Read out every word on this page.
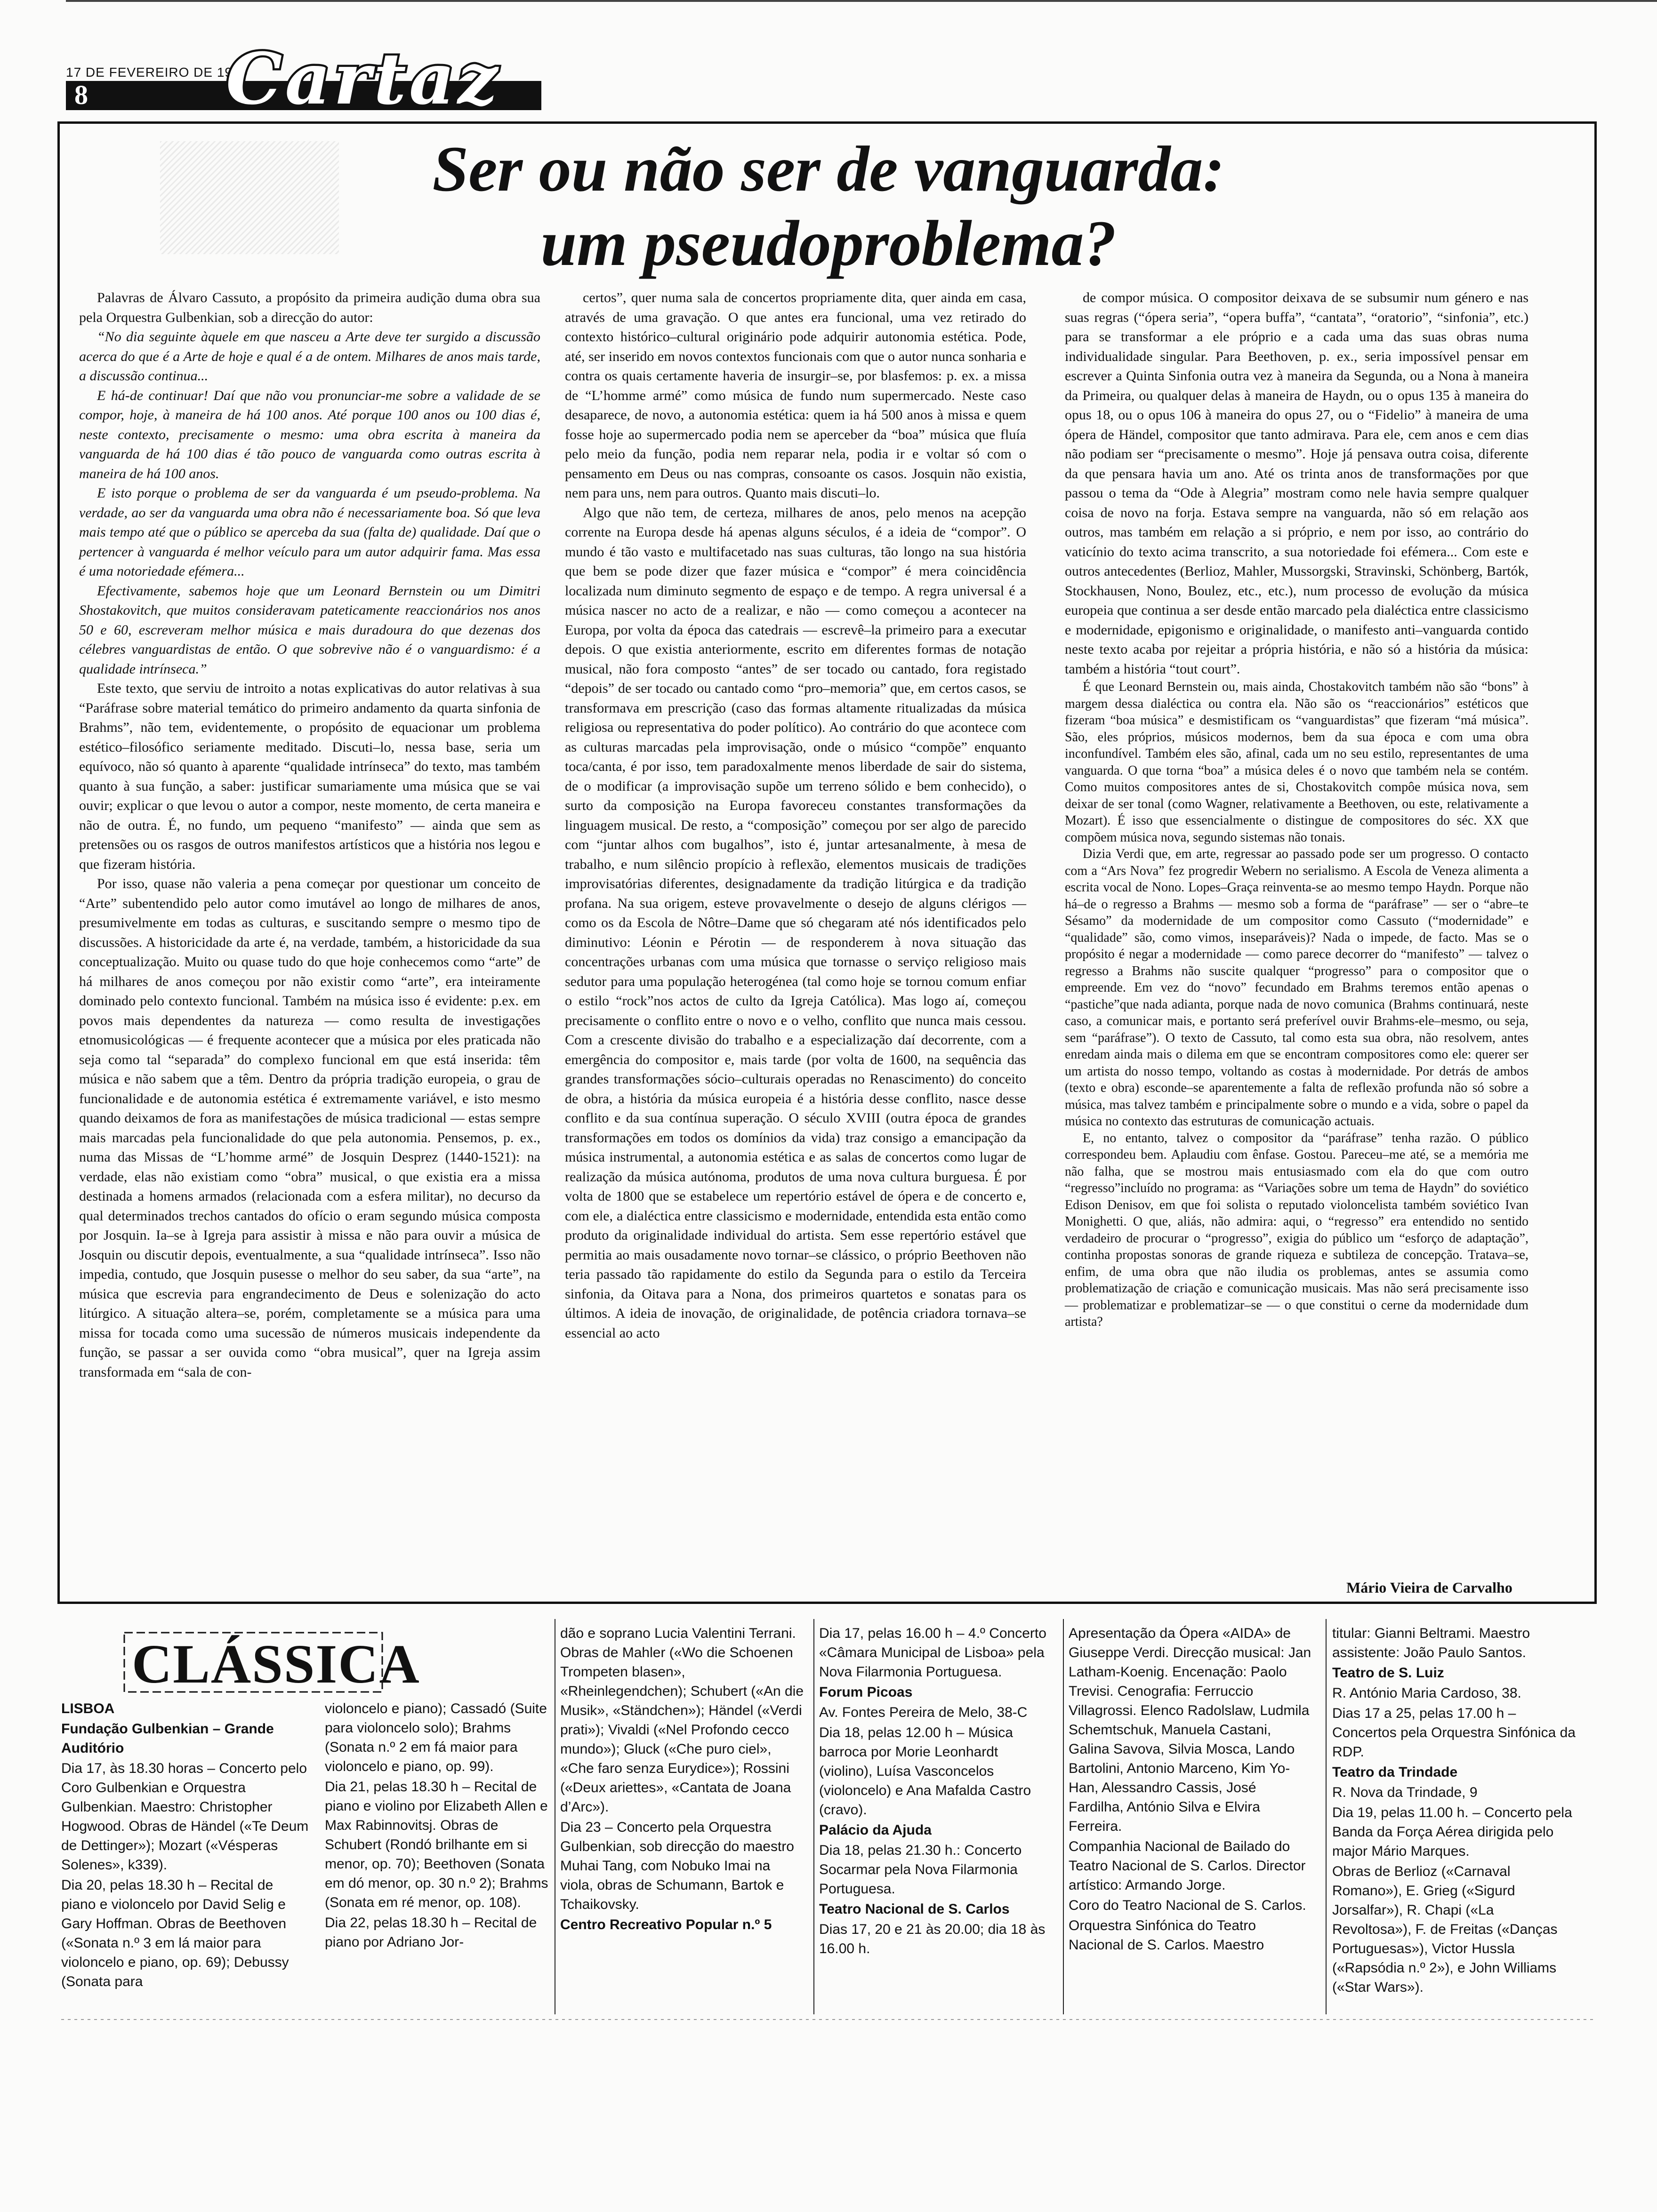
17 DE FEVEREIRO DE 1989
8 Cartaz
Ser ou não ser de vanguarda:
um pseudoproblema?

Palavras de Álvaro Cassuto, a propósito da primeira audição duma obra sua pela Orquestra Gulbenkian, sob a direcção do autor:

“No dia seguinte àquele em que nasceu a Arte deve ter surgido a discussão acerca do que é a Arte de hoje e qual é a de ontem. Milhares de anos mais tarde, a discussão continua...

E há-de continuar! Daí que não vou pronunciar-me sobre a validade de se compor, hoje, à maneira de há 100 anos. Até porque 100 anos ou 100 dias é, neste contexto, precisamente o mesmo: uma obra escrita à maneira da vanguarda de há 100 dias é tão pouco de vanguarda como outras escrita à maneira de há 100 anos.

E isto porque o problema de ser da vanguarda é um pseudo-problema. Na verdade, ao ser da vanguarda uma obra não é necessariamente boa. Só que leva mais tempo até que o público se aperceba da sua (falta de) qualidade. Daí que o pertencer à vanguarda é melhor veículo para um autor adquirir fama. Mas essa é uma notoriedade efémera...

Efectivamente, sabemos hoje que um Leonard Bernstein ou um Dimitri Shostakovitch, que muitos consideravam pateticamente reaccionários nos anos 50 e 60, escreveram melhor música e mais duradoura do que dezenas dos célebres vanguardistas de então. O que sobrevive não é o vanguardismo: é a qualidade intrínseca.”

Este texto, que serviu de introito a notas explicativas do autor relativas à sua “Paráfrase sobre material temático do primeiro andamento da quarta sinfonia de Brahms”, não tem, evidentemente, o propósito de equacionar um problema estético–filosófico seriamente meditado. Discuti–lo, nessa base, seria um equívoco, não só quanto à aparente “qualidade intrínseca” do texto, mas também quanto à sua função, a saber: justificar sumariamente uma música que se vai ouvir; explicar o que levou o autor a compor, neste momento, de certa maneira e não de outra. É, no fundo, um pequeno “manifesto” — ainda que sem as pretensões ou os rasgos de outros manifestos artísticos que a história nos legou e que fizeram história.

Por isso, quase não valeria a pena começar por questionar um conceito de “Arte” subentendido pelo autor como imutável ao longo de milhares de anos, presumivelmente em todas as culturas, e suscitando sempre o mesmo tipo de discussões. A historicidade da arte é, na verdade, também, a historicidade da sua conceptualização. Muito ou quase tudo do que hoje conhecemos como “arte” de há milhares de anos começou por não existir como “arte”, era inteiramente dominado pelo contexto funcional. Também na música isso é evidente: p.ex. em povos mais dependentes da natureza — como resulta de investigações etnomusicológicas — é frequente acontecer que a música por eles praticada não seja como tal “separada” do complexo funcional em que está inserida: têm música e não sabem que a têm. Dentro da própria tradição europeia, o grau de funcionalidade e de autonomia estética é extremamente variável, e isto mesmo quando deixamos de fora as manifestações de música tradicional — estas sempre mais marcadas pela funcionalidade do que pela autonomia. Pensemos, p. ex., numa das Missas de “L’homme armé” de Josquin Desprez (1440-1521): na verdade, elas não existiam como “obra” musical, o que existia era a missa destinada a homens armados (relacionada com a esfera militar), no decurso da qual determinados trechos cantados do ofício o eram segundo música composta por Josquin. Ia–se à Igreja para assistir à missa e não para ouvir a música de Josquin ou discutir depois, eventualmente, a sua “qualidade intrínseca”. Isso não impedia, contudo, que Josquin pusesse o melhor do seu saber, da sua “arte”, na música que escrevia para engrandecimento de Deus e solenização do acto litúrgico. A situação altera–se, porém, completamente se a música para uma missa for tocada como uma sucessão de números musicais independente da função, se passar a ser ouvida como “obra musical”, quer na Igreja assim transformada em “sala de con-

certos”, quer numa sala de concertos propriamente dita, quer ainda em casa, através de uma gravação. O que antes era funcional, uma vez retirado do contexto histórico–cultural originário pode adquirir autonomia estética. Pode, até, ser inserido em novos contextos funcionais com que o autor nunca sonharia e contra os quais certamente haveria de insurgir–se, por blasfemos: p. ex. a missa de “L’homme armé” como música de fundo num supermercado. Neste caso desaparece, de novo, a autonomia estética: quem ia há 500 anos à missa e quem fosse hoje ao supermercado podia nem se aperceber da “boa” música que fluía pelo meio da função, podia nem reparar nela, podia ir e voltar só com o pensamento em Deus ou nas compras, consoante os casos. Josquin não existia, nem para uns, nem para outros. Quanto mais discuti–lo.

Algo que não tem, de certeza, milhares de anos, pelo menos na acepção corrente na Europa desde há apenas alguns séculos, é a ideia de “compor”. O mundo é tão vasto e multifacetado nas suas culturas, tão longo na sua história que bem se pode dizer que fazer música e “compor” é mera coincidência localizada num diminuto segmento de espaço e de tempo. A regra universal é a música nascer no acto de a realizar, e não — como começou a acontecer na Europa, por volta da época das catedrais — escrevê–la primeiro para a executar depois. O que existia anteriormente, escrito em diferentes formas de notação musical, não fora composto “antes” de ser tocado ou cantado, fora registado “depois” de ser tocado ou cantado como “pro–memoria” que, em certos casos, se transformava em prescrição (caso das formas altamente ritualizadas da música religiosa ou representativa do poder político). Ao contrário do que acontece com as culturas marcadas pela improvisação, onde o músico “compõe” enquanto toca/canta, é por isso, tem paradoxalmente menos liberdade de sair do sistema, de o modificar (a improvisação supõe um terreno sólido e bem conhecido), o surto da composição na Europa favoreceu constantes transformações da linguagem musical. De resto, a “composição” começou por ser algo de parecido com “juntar alhos com bugalhos”, isto é, juntar artesanalmente, à mesa de trabalho, e num silêncio propício à reflexão, elementos musicais de tradições improvisatórias diferentes, designadamente da tradição litúrgica e da tradição profana. Na sua origem, esteve provavelmente o desejo de alguns clérigos — como os da Escola de Nôtre–Dame que só chegaram até nós identificados pelo diminutivo: Léonin e Pérotin — de responderem à nova situação das concentrações urbanas com uma música que tornasse o serviço religioso mais sedutor para uma população heterogénea (tal como hoje se tornou comum enfiar o estilo “rock”nos actos de culto da Igreja Católica). Mas logo aí, começou precisamente o conflito entre o novo e o velho, conflito que nunca mais cessou. Com a crescente divisão do trabalho e a especialização daí decorrente, com a emergência do compositor e, mais tarde (por volta de 1600, na sequência das grandes transformações sócio–culturais operadas no Renascimento) do conceito de obra, a história da música europeia é a história desse conflito, nasce desse conflito e da sua contínua superação. O século XVIII (outra época de grandes transformações em todos os domínios da vida) traz consigo a emancipação da música instrumental, a autonomia estética e as salas de concertos como lugar de realização da música autónoma, produtos de uma nova cultura burguesa. É por volta de 1800 que se estabelece um repertório estável de ópera e de concerto e, com ele, a dialéctica entre classicismo e modernidade, entendida esta então como produto da originalidade individual do artista. Sem esse repertório estável que permitia ao mais ousadamente novo tornar–se clássico, o próprio Beethoven não teria passado tão rapidamente do estilo da Segunda para o estilo da Terceira sinfonia, da Oitava para a Nona, dos primeiros quartetos e sonatas para os últimos. A ideia de inovação, de originalidade, de potência criadora tornava–se essencial ao acto

de compor música. O compositor deixava de se subsumir num género e nas suas regras (“ópera seria”, “opera buffa”, “cantata”, “oratorio”, “sinfonia”, etc.) para se transformar a ele próprio e a cada uma das suas obras numa individualidade singular. Para Beethoven, p. ex., seria impossível pensar em escrever a Quinta Sinfonia outra vez à maneira da Segunda, ou a Nona à maneira da Primeira, ou qualquer delas à maneira de Haydn, ou o opus 135 à maneira do opus 18, ou o opus 106 à maneira do opus 27, ou o “Fidelio” à maneira de uma ópera de Händel, compositor que tanto admirava. Para ele, cem anos e cem dias não podiam ser “precisamente o mesmo”. Hoje já pensava outra coisa, diferente da que pensara havia um ano. Até os trinta anos de transformações por que passou o tema da “Ode à Alegria” mostram como nele havia sempre qualquer coisa de novo na forja. Estava sempre na vanguarda, não só em relação aos outros, mas também em relação a si próprio, e nem por isso, ao contrário do vaticínio do texto acima transcrito, a sua notoriedade foi efémera... Com este e outros antecedentes (Berlioz, Mahler, Mussorgski, Stravinski, Schönberg, Bartók, Stockhausen, Nono, Boulez, etc., etc.), num processo de evolução da música europeia que continua a ser desde então marcado pela dialéctica entre classicismo e modernidade, epigonismo e originalidade, o manifesto anti–vanguarda contido neste texto acaba por rejeitar a própria história, e não só a história da música: também a história “tout court”.

É que Leonard Bernstein ou, mais ainda, Chostakovitch também não são “bons” à margem dessa dialéctica ou contra ela. Não são os “reaccionários” estéticos que fizeram “boa música” e desmistificam os “vanguardistas” que fizeram “má música”. São, eles próprios, músicos modernos, bem da sua época e com uma obra inconfundível. Também eles são, afinal, cada um no seu estilo, representantes de uma vanguarda. O que torna “boa” a música deles é o novo que também nela se contém. Como muitos compositores antes de si, Chostakovitch compôe música nova, sem deixar de ser tonal (como Wagner, relativamente a Beethoven, ou este, relativamente a Mozart). É isso que essencialmente o distingue de compositores do séc. XX que compõem música nova, segundo sistemas não tonais.

Dizia Verdi que, em arte, regressar ao passado pode ser um progresso. O contacto com a “Ars Nova” fez progredir Webern no serialismo. A Escola de Veneza alimenta a escrita vocal de Nono. Lopes–Graça reinventa-se ao mesmo tempo Haydn. Porque não há–de o regresso a Brahms — mesmo sob a forma de “paráfrase” — ser o “abre–te Sésamo” da modernidade de um compositor como Cassuto (“modernidade” e “qualidade” são, como vimos, inseparáveis)? Nada o impede, de facto. Mas se o propósito é negar a modernidade — como parece decorrer do “manifesto” — talvez o regresso a Brahms não suscite qualquer “progresso” para o compositor que o empreende. Em vez do “novo” fecundado em Brahms teremos então apenas o “pastiche”que nada adianta, porque nada de novo comunica (Brahms continuará, neste caso, a comunicar mais, e portanto será preferível ouvir Brahms-ele–mesmo, ou seja, sem “paráfrase”). O texto de Cassuto, tal como esta sua obra, não resolvem, antes enredam ainda mais o dilema em que se encontram compositores como ele: querer ser um artista do nosso tempo, voltando as costas à modernidade. Por detrás de ambos (texto e obra) esconde–se aparentemente a falta de reflexão profunda não só sobre a música, mas talvez também e principalmente sobre o mundo e a vida, sobre o papel da música no contexto das estruturas de comunicação actuais.

E, no entanto, talvez o compositor da “paráfrase” tenha razão. O público correspondeu bem. Aplaudiu com ênfase. Gostou. Pareceu–me até, se a memória me não falha, que se mostrou mais entusiasmado com ela do que com outro “regresso”incluído no programa: as “Variações sobre um tema de Haydn” do soviético Edison Denisov, em que foi solista o reputado violoncelista também soviético Ivan Monighetti. O que, aliás, não admira: aqui, o “regresso” era entendido no sentido verdadeiro de procurar o “progresso”, exigia do público um “esforço de adaptação”, continha propostas sonoras de grande riqueza e subtileza de concepção. Tratava–se, enfim, de uma obra que não iludia os problemas, antes se assumia como problematização de criação e comunicação musicais. Mas não será precisamente isso — problematizar e problematizar–se — o que constitui o cerne da modernidade dum artista?

Mário Vieira de Carvalho
CLÁSSICA

LISBOA

Fundação Gulbenkian – Grande Auditório

Dia 17, às 18.30 horas – Concerto pelo Coro Gulbenkian e Orquestra Gulbenkian. Maestro: Christopher Hogwood. Obras de Händel («Te Deum de Dettinger»); Mozart («Vésperas Solenes», k339).

Dia 20, pelas 18.30 h – Recital de piano e violoncelo por David Selig e Gary Hoffman. Obras de Beethoven («Sonata n.º 3 em lá maior para violoncelo e piano, op. 69); Debussy (Sonata para

violoncelo e piano); Cassadó (Suite para violoncelo solo); Brahms (Sonata n.º 2 em fá maior para violoncelo e piano, op. 99).

Dia 21, pelas 18.30 h – Recital de piano e violino por Elizabeth Allen e Max Rabinnovitsj. Obras de Schubert (Rondó brilhante em si menor, op. 70); Beethoven (Sonata em dó menor, op. 30 n.º 2); Brahms (Sonata em ré menor, op. 108).

Dia 22, pelas 18.30 h – Recital de piano por Adriano Jor-

dão e soprano Lucia Valentini Terrani. Obras de Mahler («Wo die Schoenen Trompeten blasen», «Rheinlegendchen); Schubert («An die Musik», «Ständchen»); Händel («Verdi prati»); Vivaldi («Nel Profondo cecco mundo»); Gluck («Che puro ciel», «Che faro senza Eurydice»); Rossini («Deux ariettes», «Cantata de Joana d’Arc»).

Dia 23 – Concerto pela Orquestra Gulbenkian, sob direcção do maestro Muhai Tang, com Nobuko Imai na viola, obras de Schumann, Bartok e Tchaikovsky.

Centro Recreativo Popular n.º 5

Dia 17, pelas 16.00 h – 4.º Concerto «Câmara Municipal de Lisboa» pela Nova Filarmonia Portuguesa.

Forum Picoas

Av. Fontes Pereira de Melo, 38-C

Dia 18, pelas 12.00 h – Música barroca por Morie Leonhardt (violino), Luísa Vasconcelos (violoncelo) e Ana Mafalda Castro (cravo).

Palácio da Ajuda

Dia 18, pelas 21.30 h.: Concerto Socarmar pela Nova Filarmonia Portuguesa.

Teatro Nacional de S. Carlos

Dias 17, 20 e 21 às 20.00; dia 18 às 16.00 h.

Apresentação da Ópera «AIDA» de Giuseppe Verdi. Direcção musical: Jan Latham-Koenig. Encenação: Paolo Trevisi. Cenografia: Ferruccio Villagrossi. Elenco Radolslaw, Ludmila Schemtschuk, Manuela Castani, Galina Savova, Silvia Mosca, Lando Bartolini, Antonio Marceno, Kim Yo-Han, Alessandro Cassis, José Fardilha, António Silva e Elvira Ferreira.

Companhia Nacional de Bailado do Teatro Nacional de S. Carlos. Director artístico: Armando Jorge.

Coro do Teatro Nacional de S. Carlos.

Orquestra Sinfónica do Teatro Nacional de S. Carlos. Maestro

titular: Gianni Beltrami. Maestro assistente: João Paulo Santos.

Teatro de S. Luiz

R. António Maria Cardoso, 38.

Dias 17 a 25, pelas 17.00 h – Concertos pela Orquestra Sinfónica da RDP.

Teatro da Trindade

R. Nova da Trindade, 9

Dia 19, pelas 11.00 h. – Concerto pela Banda da Força Aérea dirigida pelo major Mário Marques.

Obras de Berlioz («Carnaval Romano»), E. Grieg («Sigurd Jorsalfar»), R. Chapi («La Revoltosa»), F. de Freitas («Danças Portuguesas»), Victor Hussla («Rapsódia n.º 2»), e John Williams («Star Wars»).
